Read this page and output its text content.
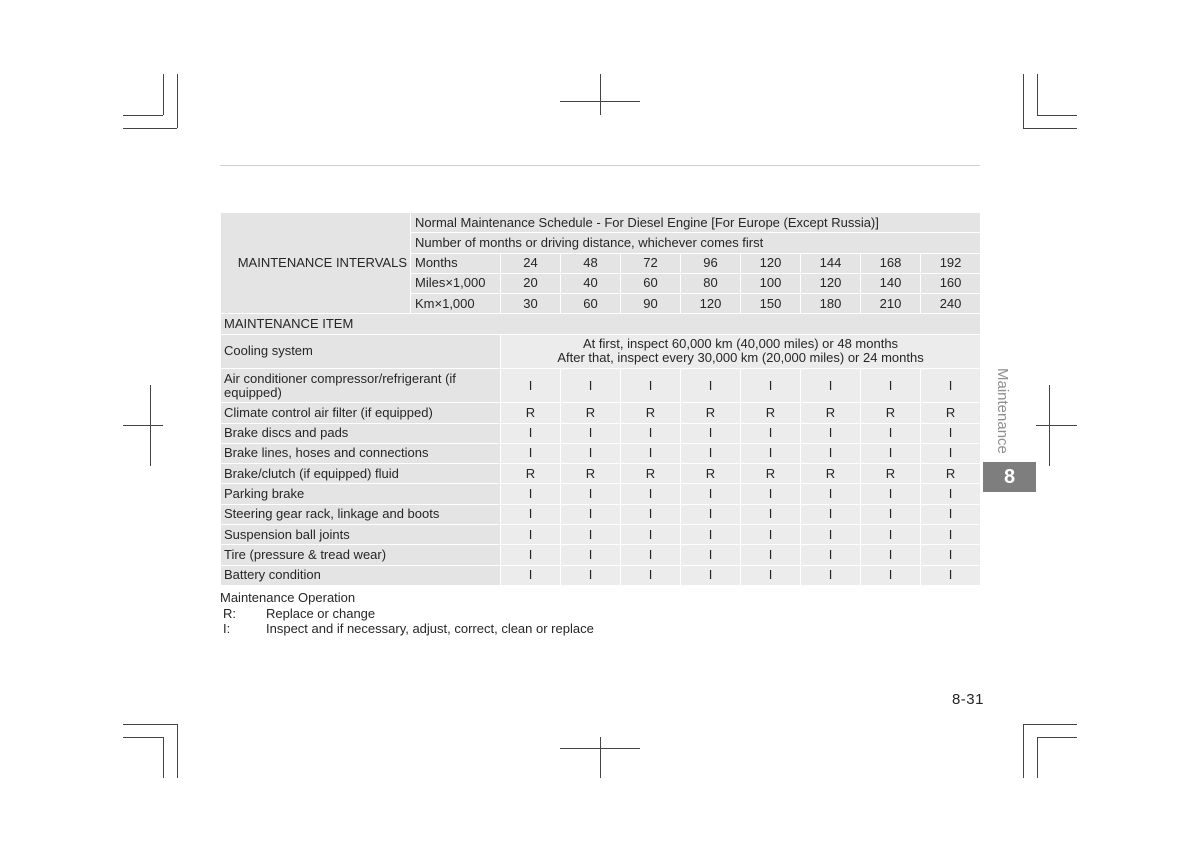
MAINTENANCE INTERVALS	Normal Maintenance Schedule - For Diesel Engine [For Europe (Except Russia)]								
	Number of months or driving distance, whichever comes first								
	Months	24	48	72	96	120	144	168	192
	Miles×1,000	20	40	60	80	100	120	140	160
	Km×1,000	30	60	90	120	150	180	210	240
MAINTENANCE ITEM									
Cooling system		At first, inspect 60,000 km (40,000 miles) or 48 months
After that, inspect every 30,000 km (20,000 miles) or 24 months							

Air conditioner compressor/refrigerant (if equipped)		I	I	I	I	I	I	I	I
Climate control air filter (if equipped)		R	R	R	R	R	R	R	R
Brake discs and pads		I	I	I	I	I	I	I	I
Brake lines, hoses and connections		I	I	I	I	I	I	I	I
Brake/clutch (if equipped) fluid		R	R	R	R	R	R	R	R
Parking brake		I	I	I	I	I	I	I	I
Steering gear rack, linkage and boots		I	I	I	I	I	I	I	I
Suspension ball joints		I	I	I	I	I	I	I	I
Tire (pressure & tread wear)		I	I	I	I	I	I	I	I
Battery condition		I	I	I	I	I	I	I	I
Maintenance Operation
R:	Replace or change
I:	Inspect and if necessary, adjust, correct, clean or replace
Maintenance
8
8-31
